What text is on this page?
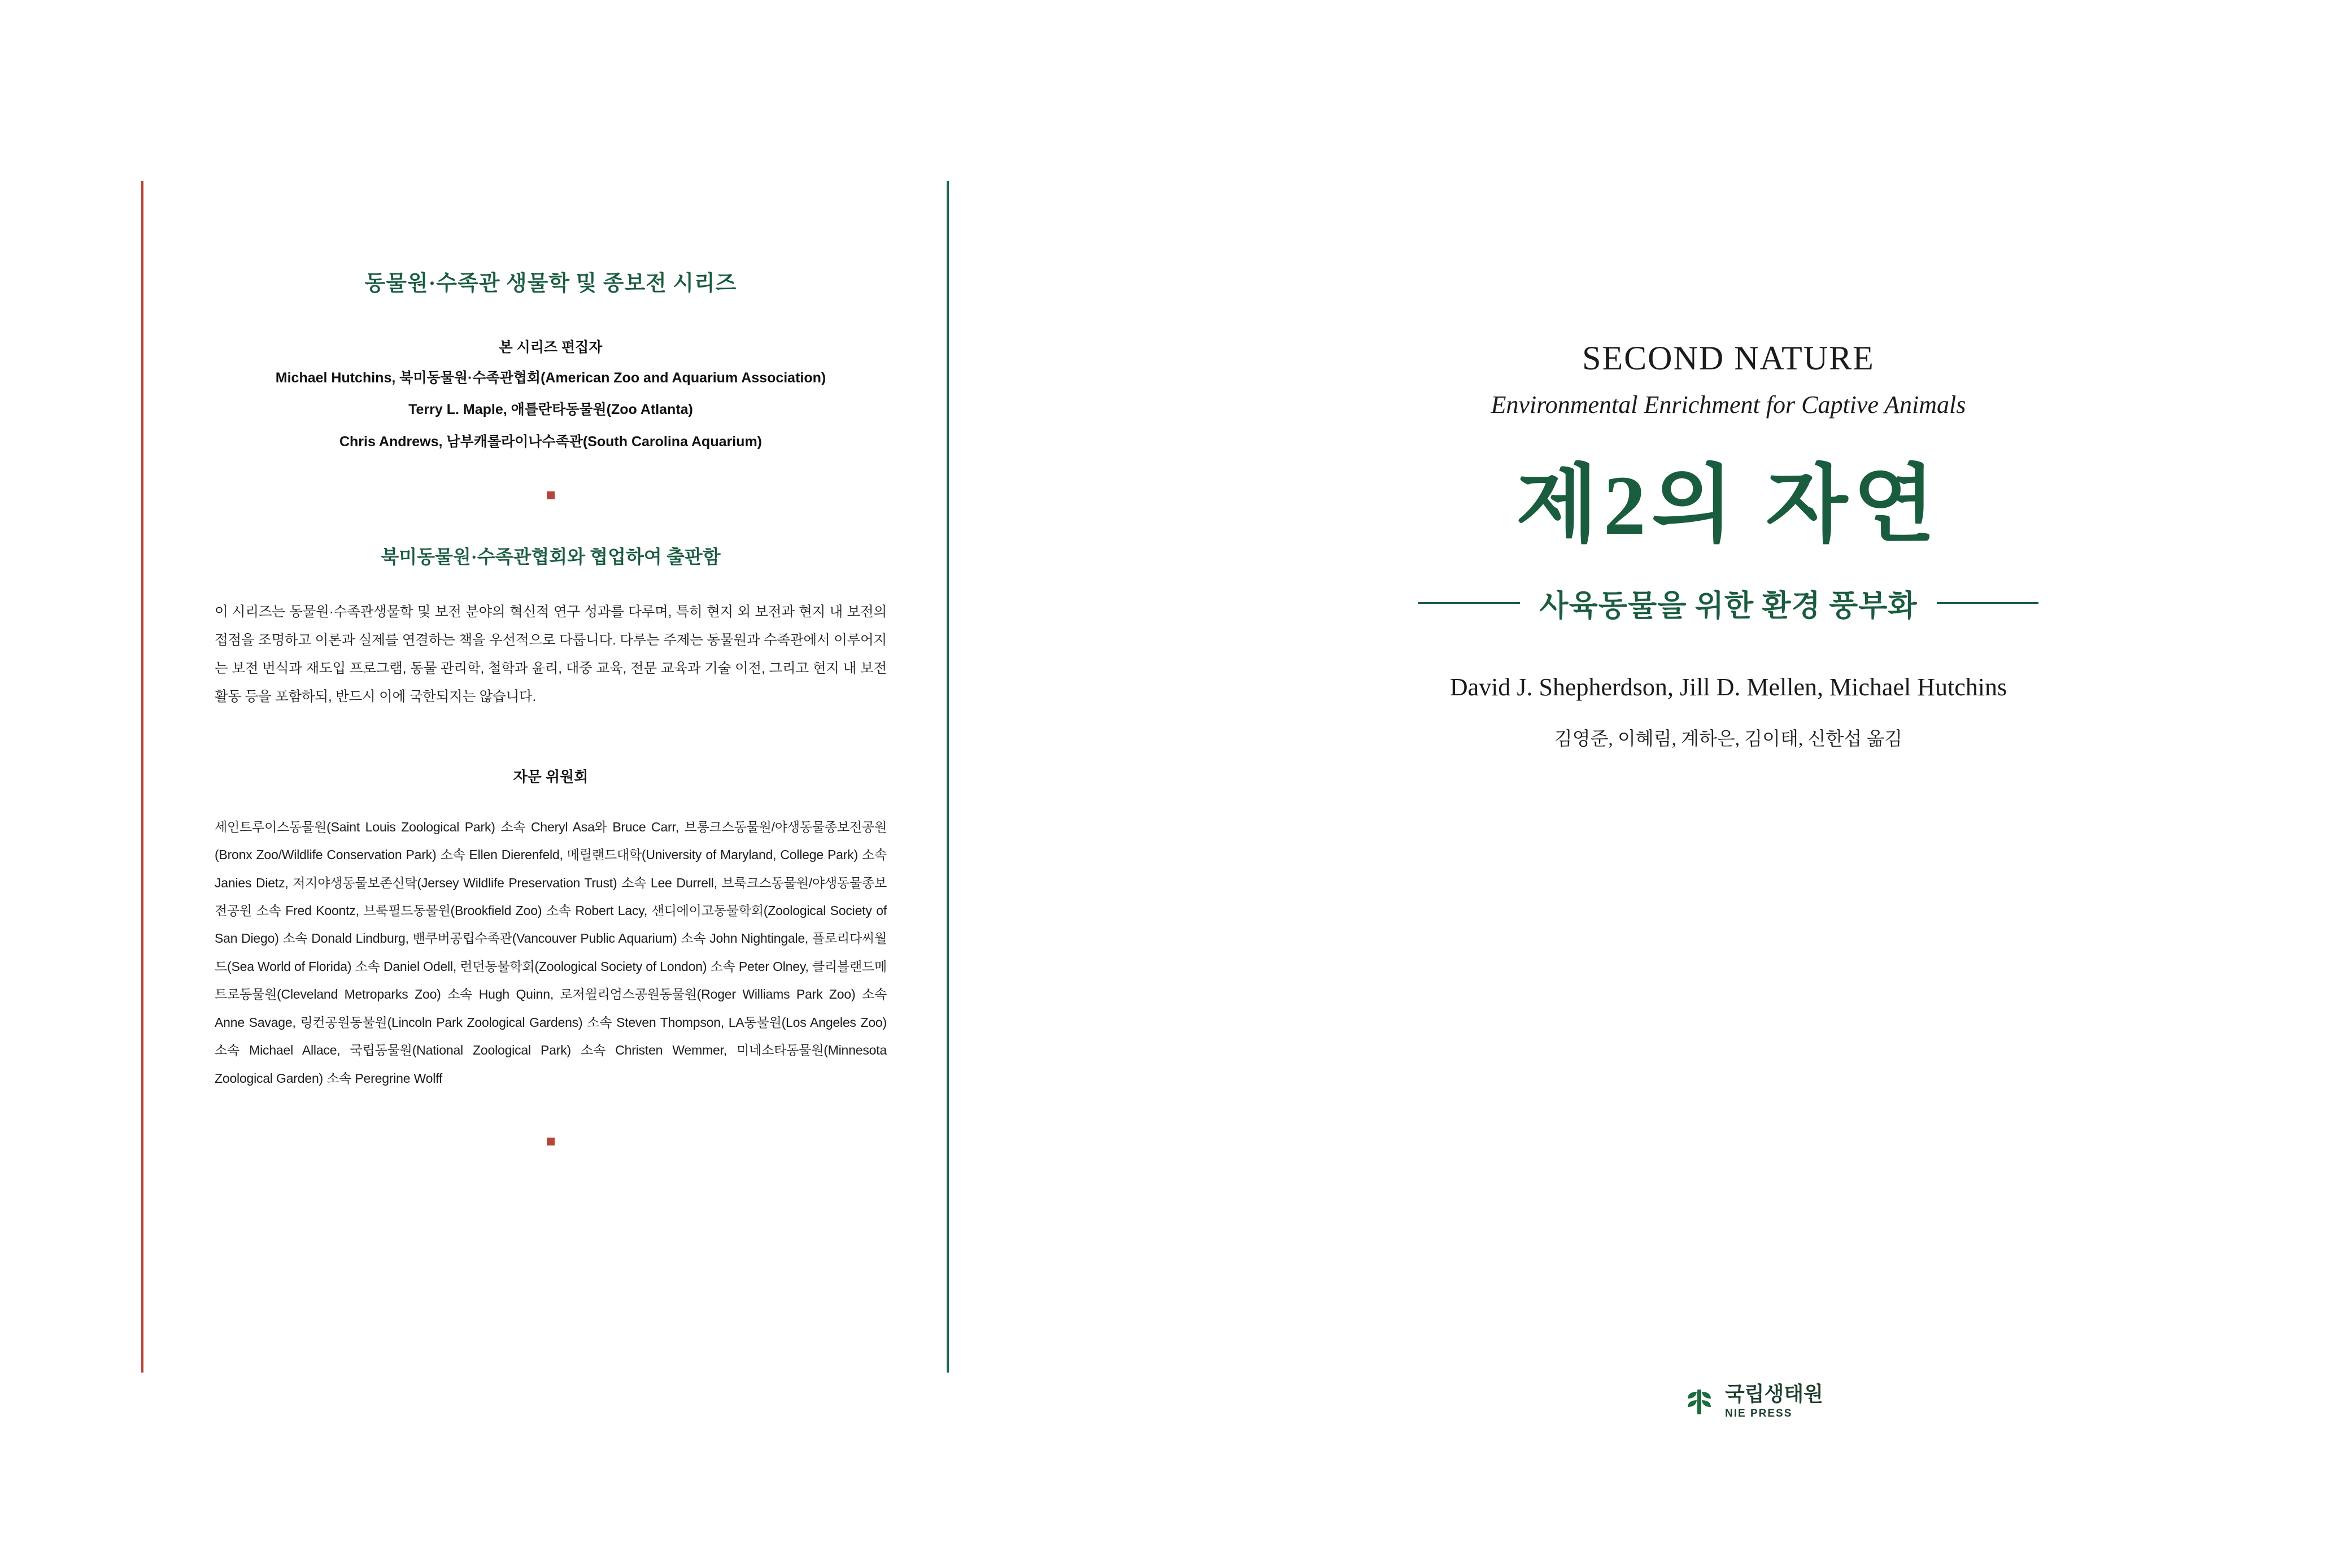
동물원·수족관 생물학 및 종보전 시리즈
본 시리즈 편집자
Michael Hutchins, 북미동물원·수족관협회(American Zoo and Aquarium Association)
Terry L. Maple, 애틀란타동물원(Zoo Atlanta)
Chris Andrews, 남부캐롤라이나수족관(South Carolina Aquarium)
북미동물원·수족관협회와 협업하여 출판함
이 시리즈는 동물원·수족관생물학 및 보전 분야의 혁신적 연구 성과를 다루며, 특히 현지 외 보전과 현지 내 보전의 접점을 조명하고 이론과 실제를 연결하는 책을 우선적으로 다룹니다. 다루는 주제는 동물원과 수족관에서 이루어지는 보전 번식과 재도입 프로그램, 동물 관리학, 철학과 윤리, 대중 교육, 전문 교육과 기술 이전, 그리고 현지 내 보전 활동 등을 포함하되, 반드시 이에 국한되지는 않습니다.
자문 위원회
세인트루이스동물원(Saint Louis Zoological Park) 소속 Cheryl Asa와 Bruce Carr, 브롱크스동물원/야생동물종보전공원(Bronx Zoo/Wildlife Conservation Park) 소속 Ellen Dierenfeld, 메릴랜드대학(University of Maryland, College Park) 소속 Janies Dietz, 저지야생동물보존신탁(Jersey Wildlife Preservation Trust) 소속 Lee Durrell, 브룩크스동물원/야생동물종보전공원 소속 Fred Koontz, 브룩필드동물원(Brookfield Zoo) 소속 Robert Lacy, 샌디에이고동물학회(Zoological Society of San Diego) 소속 Donald Lindburg, 밴쿠버공립수족관(Vancouver Public Aquarium) 소속 John Nightingale, 플로리다씨월드(Sea World of Florida) 소속 Daniel Odell, 런던동물학회(Zoological Society of London) 소속 Peter Olney, 클리블랜드메트로동물원(Cleveland Metroparks Zoo) 소속 Hugh Quinn, 로저윌리엄스공원동물원(Roger Williams Park Zoo) 소속 Anne Savage, 링컨공원동물원(Lincoln Park Zoological Gardens) 소속 Steven Thompson, LA동물원(Los Angeles Zoo) 소속 Michael Allace, 국립동물원(National Zoological Park) 소속 Christen Wemmer, 미네소타동물원(Minnesota Zoological Garden) 소속 Peregrine Wolff
SECOND NATURE
Environmental Enrichment for Captive Animals
제2의 자연
사육동물을 위한 환경 풍부화
David J. Shepherdson, Jill D. Mellen, Michael Hutchins
김영준, 이혜림, 계하은, 김이태, 신한섭 옮김
국립생태원
NIE PRESS
